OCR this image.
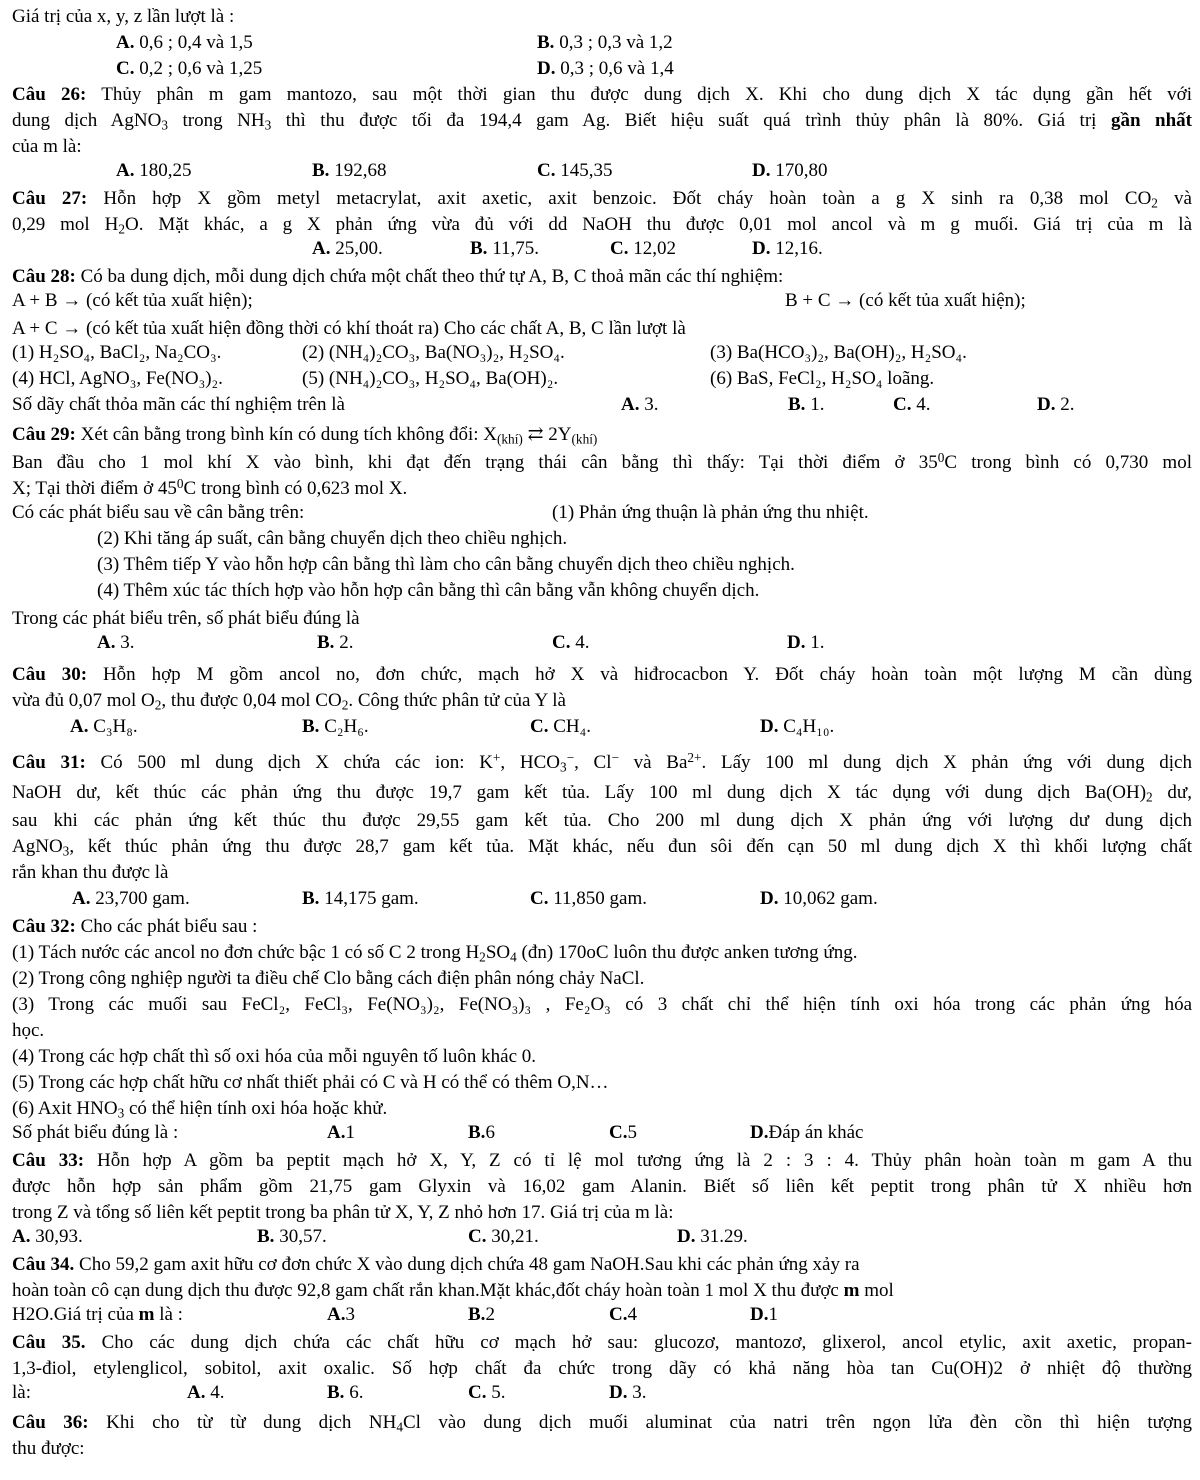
Giá trị của x, y, z lần lượt là :
A. 0,6 ; 0,4 và 1,5	B. 0,3 ; 0,3 và 1,2
C. 0,2 ; 0,6 và 1,25	D. 0,3 ; 0,6 và 1,4
Câu 26: Thủy phân m gam mantozo, sau một thời gian thu được dung dịch X. Khi cho dung dịch X tác dụng gần hết với
dung dịch AgNO$_3$ trong $NH_3$ thì thu được tối đa 194,4 gam Ag. Biết hiệu suất quá trình thủy phân là 80%. Giá trị gần nhất
của m là:
A. 180,25	B. 192,68	C. 145,35	D. 170,80
Câu 27: Hỗn hợp X gồm metyl metacrylat, axit axetic, axit benzoic. Đốt cháy hoàn toàn a g X sinh ra 0,38 mol $CO_2$ và
0,29 mol $H_2O$. Mặt khác, a g X phản ứng vừa đủ với dd NaOH thu được 0,01 mol ancol và m g muối. Giá trị của m là
A. 25,00.	B. 11,75.	C. 12,02	D. 12,16.
Câu 28: Có ba dung dịch, mỗi dung dịch chứa một chất theo thứ tự A, B, C thoả mãn các thí nghiệm:
A + B → (có kết tủa xuất hiện);	B + C → (có kết tủa xuất hiện);
A + C → (có kết tủa xuất hiện đồng thời có khí thoát ra) Cho các chất A, B, C lần lượt là
(1) H₂SO₄, BaCl₂, Na₂CO₃.	(2) (NH₄)₂CO₃, Ba(NO₃)₂, H₂SO₄.	(3) Ba(HCO₃)₂, Ba(OH)₂, H₂SO₄.
(4) HCl, AgNO₃, Fe(NO₃)₂.	(5) (NH₄)₂CO₃, H₂SO₄, Ba(OH)₂.	(6) BaS, FeCl₂, H₂SO₄ loãng.
Số dãy chất thỏa mãn các thí nghiệm trên là	A. 3.	B. 1.	C. 4.	D. 2.
Câu 29: Xét cân bằng trong bình kín có dung tích không đổi: $X_{(khí)}$ ⇄ $2Y_{(khí)}$
Ban đầu cho 1 mol khí X vào bình, khi đạt đến trạng thái cân bằng thì thấy: Tại thời điểm ở $35^0C$ trong bình có 0,730 mol
X; Tại thời điểm ở $45^0C$ trong bình có 0,623 mol X.
Có các phát biểu sau về cân bằng trên:	(1) Phản ứng thuận là phản ứng thu nhiệt.
(2) Khi tăng áp suất, cân bằng chuyển dịch theo chiều nghịch.
(3) Thêm tiếp Y vào hỗn hợp cân bằng thì làm cho cân bằng chuyển dịch theo chiều nghịch.
(4) Thêm xúc tác thích hợp vào hỗn hợp cân bằng thì cân bằng vẫn không chuyển dịch.
Trong các phát biểu trên, số phát biểu đúng là
A. 3.	B. 2.	C. 4.	D. 1.
Câu 30: Hỗn hợp M gồm ancol no, đơn chức, mạch hở X và hiđrocacbon Y. Đốt cháy hoàn toàn một lượng M cần dùng
vừa đủ 0,07 mol $O_2$, thu được 0,04 mol $CO_2$. Công thức phân tử của Y là
A. C₃H₈.	B. C₂H₆.	C. CH₄.	D. C₄H₁₀.
Câu 31: Có 500 ml dung dịch X chứa các ion: K+, $HCO_3^-$, Cl− và $Ba^{2+}$. Lấy 100 ml dung dịch X phản ứng với dung dịch
NaOH dư, kết thúc các phản ứng thu được 19,7 gam kết tủa. Lấy 100 ml dung dịch X tác dụng với dung dịch $Ba(OH)_2$ dư,
sau khi các phản ứng kết thúc thu được 29,55 gam kết tủa. Cho 200 ml dung dịch X phản ứng với lượng dư dung dịch
AgNO$_3$, kết thúc phản ứng thu được 28,7 gam kết tủa. Mặt khác, nếu đun sôi đến cạn 50 ml dung dịch X thì khối lượng chất
rắn khan thu được là
A. 23,700 gam.	B. 14,175 gam.	C. 11,850 gam.	D. 10,062 gam.
Câu 32: Cho các phát biểu sau :
(1) Tách nước các ancol no đơn chức bậc 1 có số C 2 trong $H_2SO_4$ (đn) 170oC luôn thu được anken tương ứng.
(2) Trong công nghiệp người ta điều chế Clo bằng cách điện phân nóng chảy NaCl.
(3) Trong các muối sau FeCl₂, FeCl₃, Fe(NO₃)₂, Fe(NO₃)₃ , Fe₂O₃ có 3 chất chỉ thể hiện tính oxi hóa trong các phản ứng hóa
học.
(4) Trong các hợp chất thì số oxi hóa của mỗi nguyên tố luôn khác 0.
(5) Trong các hợp chất hữu cơ nhất thiết phải có C và H có thể có thêm O,N…
(6) Axit $HNO_3$ có thể hiện tính oxi hóa hoặc khử.
Số phát biểu đúng là :	A.1	B.6	C.5	D.Đáp án khác
Câu 33: Hỗn hợp A gồm ba peptit mạch hở X, Y, Z có tỉ lệ mol tương ứng là 2 : 3 : 4. Thủy phân hoàn toàn m gam A thu
được hỗn hợp sản phẩm gồm 21,75 gam Glyxin và 16,02 gam Alanin. Biết số liên kết peptit trong phân tử X nhiều hơn
trong Z và tổng số liên kết peptit trong ba phân tử X, Y, Z nhỏ hơn 17. Giá trị của m là:
A. 30,93.	B. 30,57.	C. 30,21.	D. 31.29.
Câu 34. Cho 59,2 gam axit hữu cơ đơn chức X vào dung dịch chứa 48 gam NaOH.Sau khi các phản ứng xảy ra
hoàn toàn cô cạn dung dịch thu được 92,8 gam chất rắn khan.Mặt khác,đốt cháy hoàn toàn 1 mol X thu được m mol
H2O.Giá trị của m là :	A.3	B.2	C.4	D.1
Câu 35. Cho các dung dịch chứa các chất hữu cơ mạch hở sau: glucozơ, mantozơ, glixerol, ancol etylic, axit axetic, propan-
1,3-điol, etylenglicol, sobitol, axit oxalic. Số hợp chất đa chức trong dãy có khả năng hòa tan Cu(OH)2 ở nhiệt độ thường
là:	A. 4.	B. 6.	C. 5.	D. 3.
Câu 36: Khi cho từ từ dung dịch $NH_4Cl$ vào dung dịch muối aluminat của natri trên ngọn lửa đèn cồn thì hiện tượng
thu được:
